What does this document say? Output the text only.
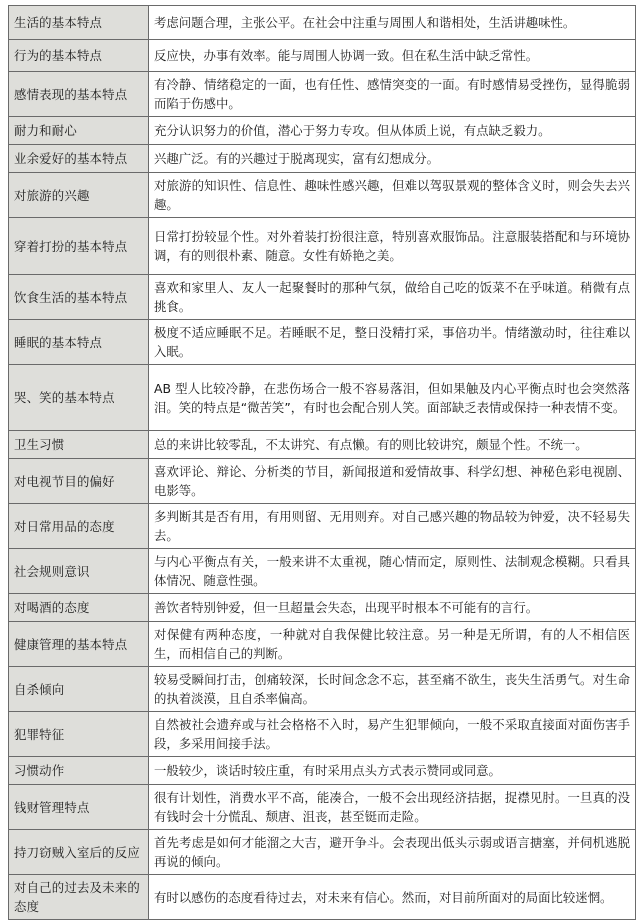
生活的基本特点	考虑问题合理，主张公平。在社会中注重与周围人和谐相处，生活讲趣味性。
行为的基本特点	反应快，办事有效率。能与周围人协调一致。但在私生活中缺乏常性。
感情表现的基本特点	有冷静、情绪稳定的一面，也有任性、感情突变的一面。有时感情易受挫伤，显得脆弱而陷于伤感中。
耐力和耐心	充分认识努力的价值，潜心于努力专攻。但从体质上说，有点缺乏毅力。
业余爱好的基本特点	兴趣广泛。有的兴趣过于脱离现实，富有幻想成分。
对旅游的兴趣	对旅游的知识性、信息性、趣味性感兴趣，但难以驾驭景观的整体含义时，则会失去兴趣。
穿着打扮的基本特点	日常打扮较显个性。对外着装打扮很注意，特别喜欢服饰品。注意服装搭配和与环境协调，有的则很朴素、随意。女性有娇艳之美。
饮食生活的基本特点	喜欢和家里人、友人一起聚餐时的那种气氛，做给自己吃的饭菜不在乎味道。稍微有点挑食。
睡眠的基本特点	极度不适应睡眠不足。若睡眠不足，整日没精打采，事倍功半。情绪激动时，往往难以入眠。
哭、笑的基本特点	AB 型人比较冷静，在悲伤场合一般不容易落泪，但如果触及内心平衡点时也会突然落泪。笑的特点是“微苦笑”，有时也会配合别人笑。面部缺乏表情或保持一种表情不变。
卫生习惯	总的来讲比较零乱，不太讲究、有点懒。有的则比较讲究，颇显个性。不统一。
对电视节目的偏好	喜欢评论、辩论、分析类的节目，新闻报道和爱情故事、科学幻想、神秘色彩电视剧、电影等。
对日常用品的态度	多判断其是否有用，有用则留、无用则弃。对自己感兴趣的物品较为钟爱，决不轻易失去。
社会规则意识	与内心平衡点有关，一般来讲不太重视，随心情而定，原则性、法制观念模糊。只看具体情况、随意性强。
对喝酒的态度	善饮者特别钟爱，但一旦超量会失态，出现平时根本不可能有的言行。
健康管理的基本特点	对保健有两种态度，一种就对自我保健比较注意。另一种是无所谓，有的人不相信医生，而相信自己的判断。
自杀倾向	较易受瞬间打击，创痛较深，长时间念念不忘，甚至痛不欲生，丧失生活勇气。对生命的执着淡漠，且自杀率偏高。
犯罪特征	自然被社会遗弃或与社会格格不入时，易产生犯罪倾向，一般不采取直接面对面伤害手段，多采用间接手法。
习惯动作	一般较少，谈话时较庄重，有时采用点头方式表示赞同或同意。
钱财管理特点	很有计划性，消费水平不高，能凑合，一般不会出现经济拮据，捉襟见肘。一旦真的没有钱时会十分慌乱、颓唐、沮丧，甚至铤而走险。
持刀窃贼入室后的反应	首先考虑是如何才能溜之大吉，避开争斗。会表现出低头示弱或语言搪塞，并伺机逃脱再说的倾向。
对自己的过去及未来的态度	有时以感伤的态度看待过去，对未来有信心。然而，对目前所面对的局面比较迷惘。
